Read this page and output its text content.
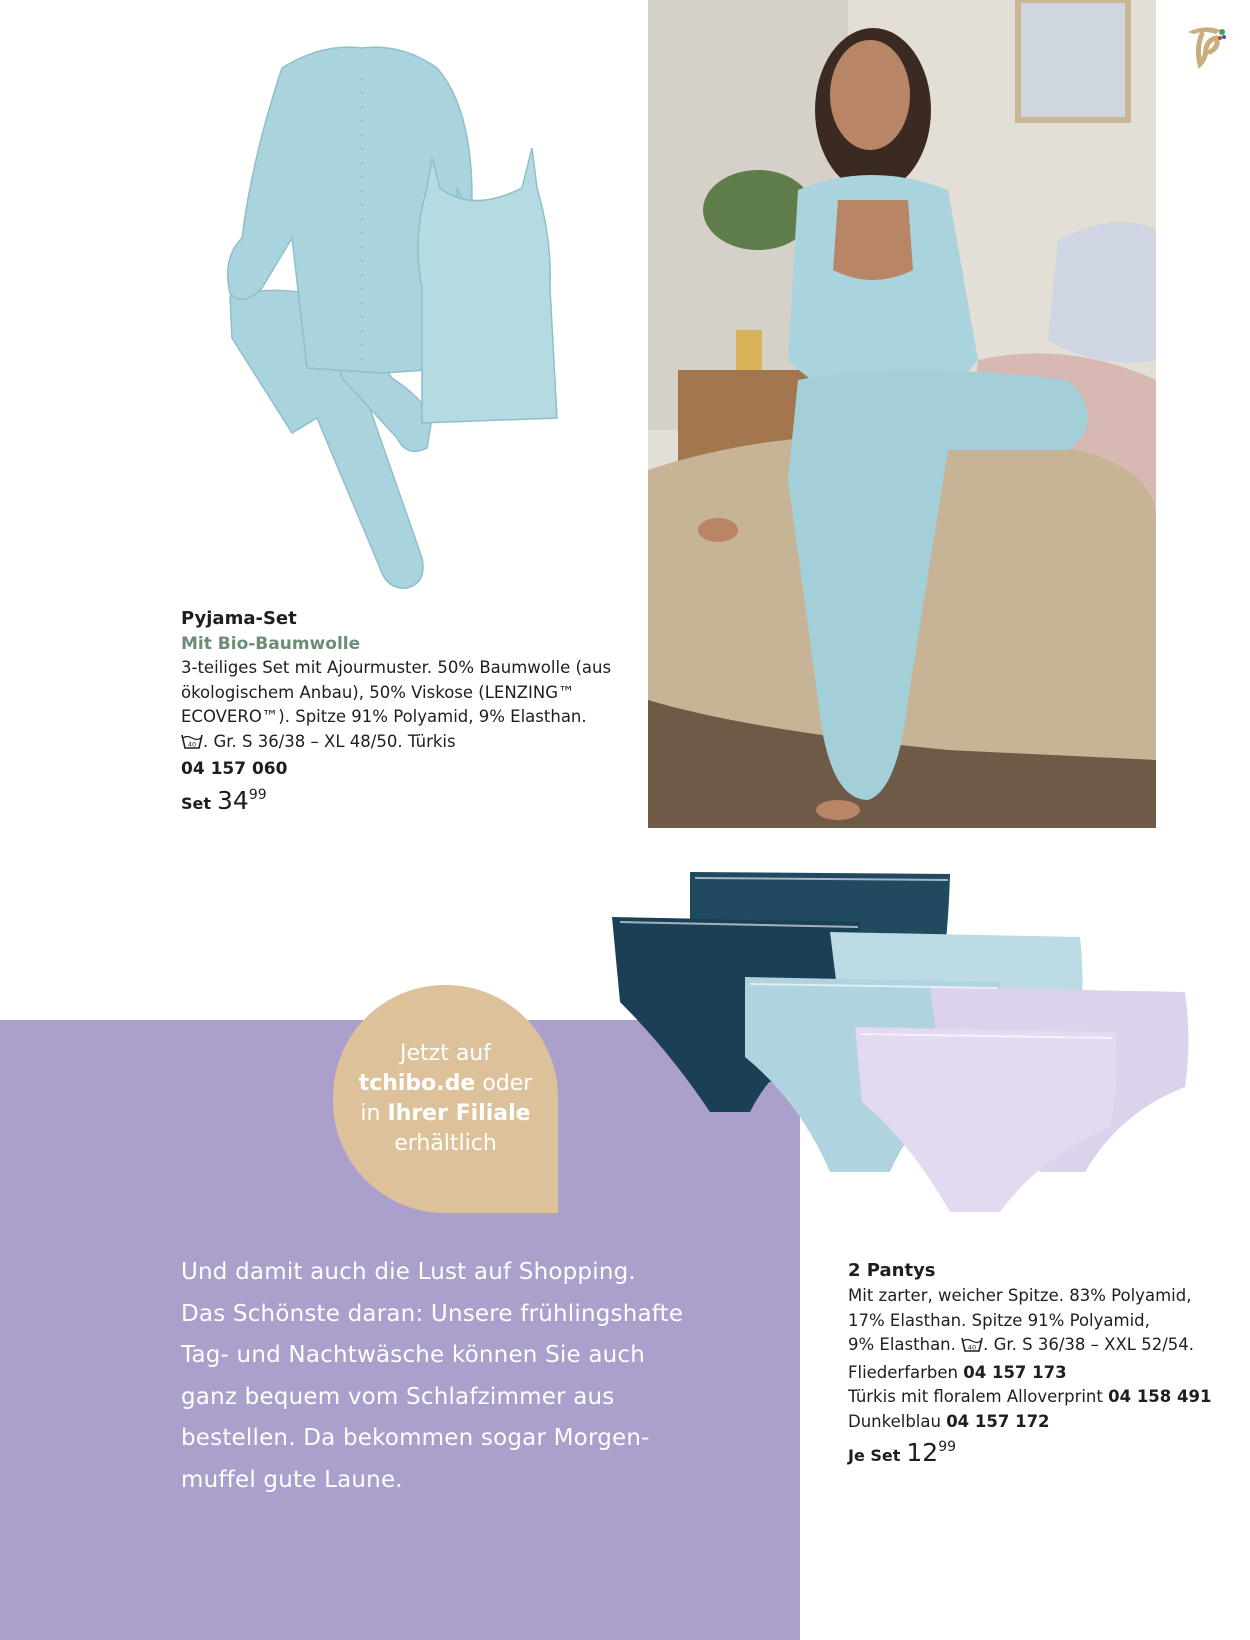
Pyjama-Set
Mit Bio-Baumwolle
3-teiliges Set mit Ajourmuster. 50% Baumwolle (aus
ökologischem Anbau), 50% Viskose (LENZING™
ECOVERO™). Spitze 91% Polyamid, 9% Elasthan.
40 . Gr. S 36/38 – XL 48/50. Türkis
04 157 060
Set 3499
Jetzt auf
tchibo.de oder
in Ihrer Filiale
erhältlich
Und damit auch die Lust auf Shopping.
Das Schönste daran: Unsere frühlingshafte
Tag- und Nachtwäsche können Sie auch
ganz bequem vom Schlafzimmer aus
bestellen. Da bekommen sogar Morgen-
muffel gute Laune.
2 Pantys
Mit zarter, weicher Spitze. 83% Polyamid,
17% Elasthan. Spitze 91% Polyamid,
9% Elasthan. 40 . Gr. S 36/38 – XXL 52/54.
Fliederfarben 04 157 173
Türkis mit floralem Alloverprint 04 158 491
Dunkelblau 04 157 172
Je Set 1299
